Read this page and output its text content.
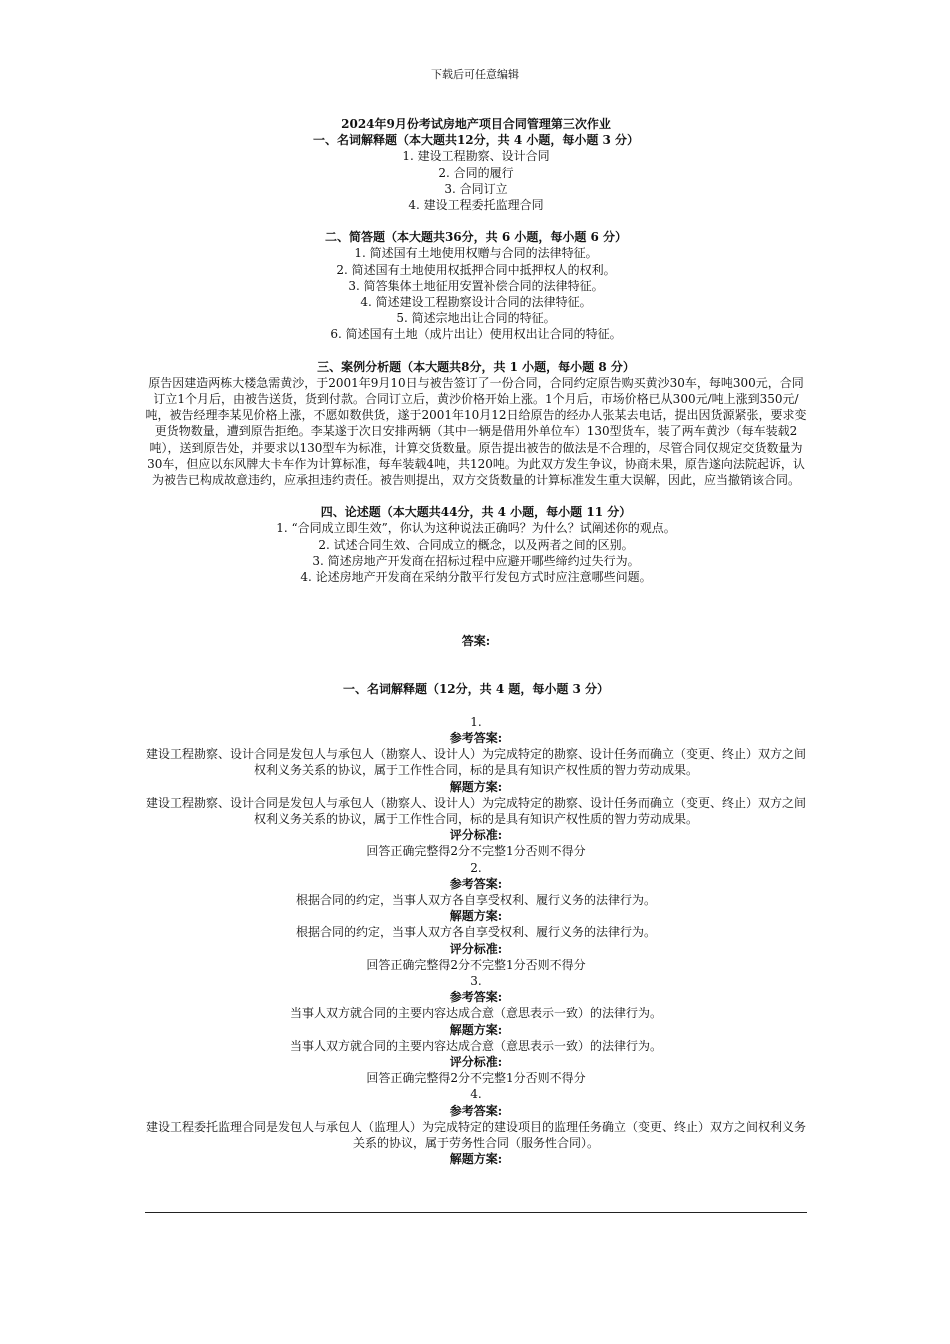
下载后可任意编辑
2024年9月份考试房地产项目合同管理第三次作业
一、名词解释题（本大题共12分，共 4 小题，每小题 3 分）
1. 建设工程勘察、设计合同
2. 合同的履行
3. 合同订立
4. 建设工程委托监理合同
二、简答题（本大题共36分，共 6 小题，每小题 6 分）
1. 简述国有土地使用权赠与合同的法律特征。
2. 简述国有土地使用权抵押合同中抵押权人的权利。
3. 简答集体土地征用安置补偿合同的法律特征。
4. 简述建设工程勘察设计合同的法律特征。
5. 简述宗地出让合同的特征。
6. 简述国有土地（成片出让）使用权出让合同的特征。
三、案例分析题（本大题共8分，共 1 小题，每小题 8 分）
原告因建造两栋大楼急需黄沙，于2001年9月10日与被告签订了一份合同，合同约定原告购买黄沙30车，每吨300元，合同订立1个月后，由被告送货，货到付款。合同订立后，黄沙价格开始上涨。1个月后，市场价格已从300元/吨上涨到350元/吨，被告经理李某见价格上涨，不愿如数供货，遂于2001年10月12日给原告的经办人张某去电话，提出因货源紧张，要求变更货物数量，遭到原告拒绝。李某遂于次日安排两辆（其中一辆是借用外单位车）130型货车，装了两车黄沙（每车装载2吨），送到原告处，并要求以130型车为标准，计算交货数量。原告提出被告的做法是不合理的，尽管合同仅规定交货数量为30车，但应以东风牌大卡车作为计算标准，每车装载4吨，共120吨。为此双方发生争议，协商未果，原告遂向法院起诉，认为被告已构成故意违约，应承担违约责任。被告则提出，双方交货数量的计算标准发生重大误解，因此，应当撤销该合同。
四、论述题（本大题共44分，共 4 小题，每小题 11 分）
1. “合同成立即生效”，你认为这种说法正确吗？为什么？试阐述你的观点。
2. 试述合同生效、合同成立的概念，以及两者之间的区别。
3. 简述房地产开发商在招标过程中应避开哪些缔约过失行为。
4. 论述房地产开发商在采纳分散平行发包方式时应注意哪些问题。
答案:
一、名词解释题（12分，共 4 题，每小题 3 分）
1.
参考答案:
建设工程勘察、设计合同是发包人与承包人（勘察人、设计人）为完成特定的勘察、设计任务而确立（变更、终止）双方之间权利义务关系的协议，属于工作性合同，标的是具有知识产权性质的智力劳动成果。
解题方案:
建设工程勘察、设计合同是发包人与承包人（勘察人、设计人）为完成特定的勘察、设计任务而确立（变更、终止）双方之间权利义务关系的协议，属于工作性合同，标的是具有知识产权性质的智力劳动成果。
评分标准:
回答正确完整得2分不完整1分否则不得分
2.
参考答案:
根据合同的约定，当事人双方各自享受权利、履行义务的法律行为。
解题方案:
根据合同的约定，当事人双方各自享受权利、履行义务的法律行为。
评分标准:
回答正确完整得2分不完整1分否则不得分
3.
参考答案:
当事人双方就合同的主要内容达成合意（意思表示一致）的法律行为。
解题方案:
当事人双方就合同的主要内容达成合意（意思表示一致）的法律行为。
评分标准:
回答正确完整得2分不完整1分否则不得分
4.
参考答案:
建设工程委托监理合同是发包人与承包人（监理人）为完成特定的建设项目的监理任务确立（变更、终止）双方之间权利义务关系的协议，属于劳务性合同（服务性合同）。
解题方案:
